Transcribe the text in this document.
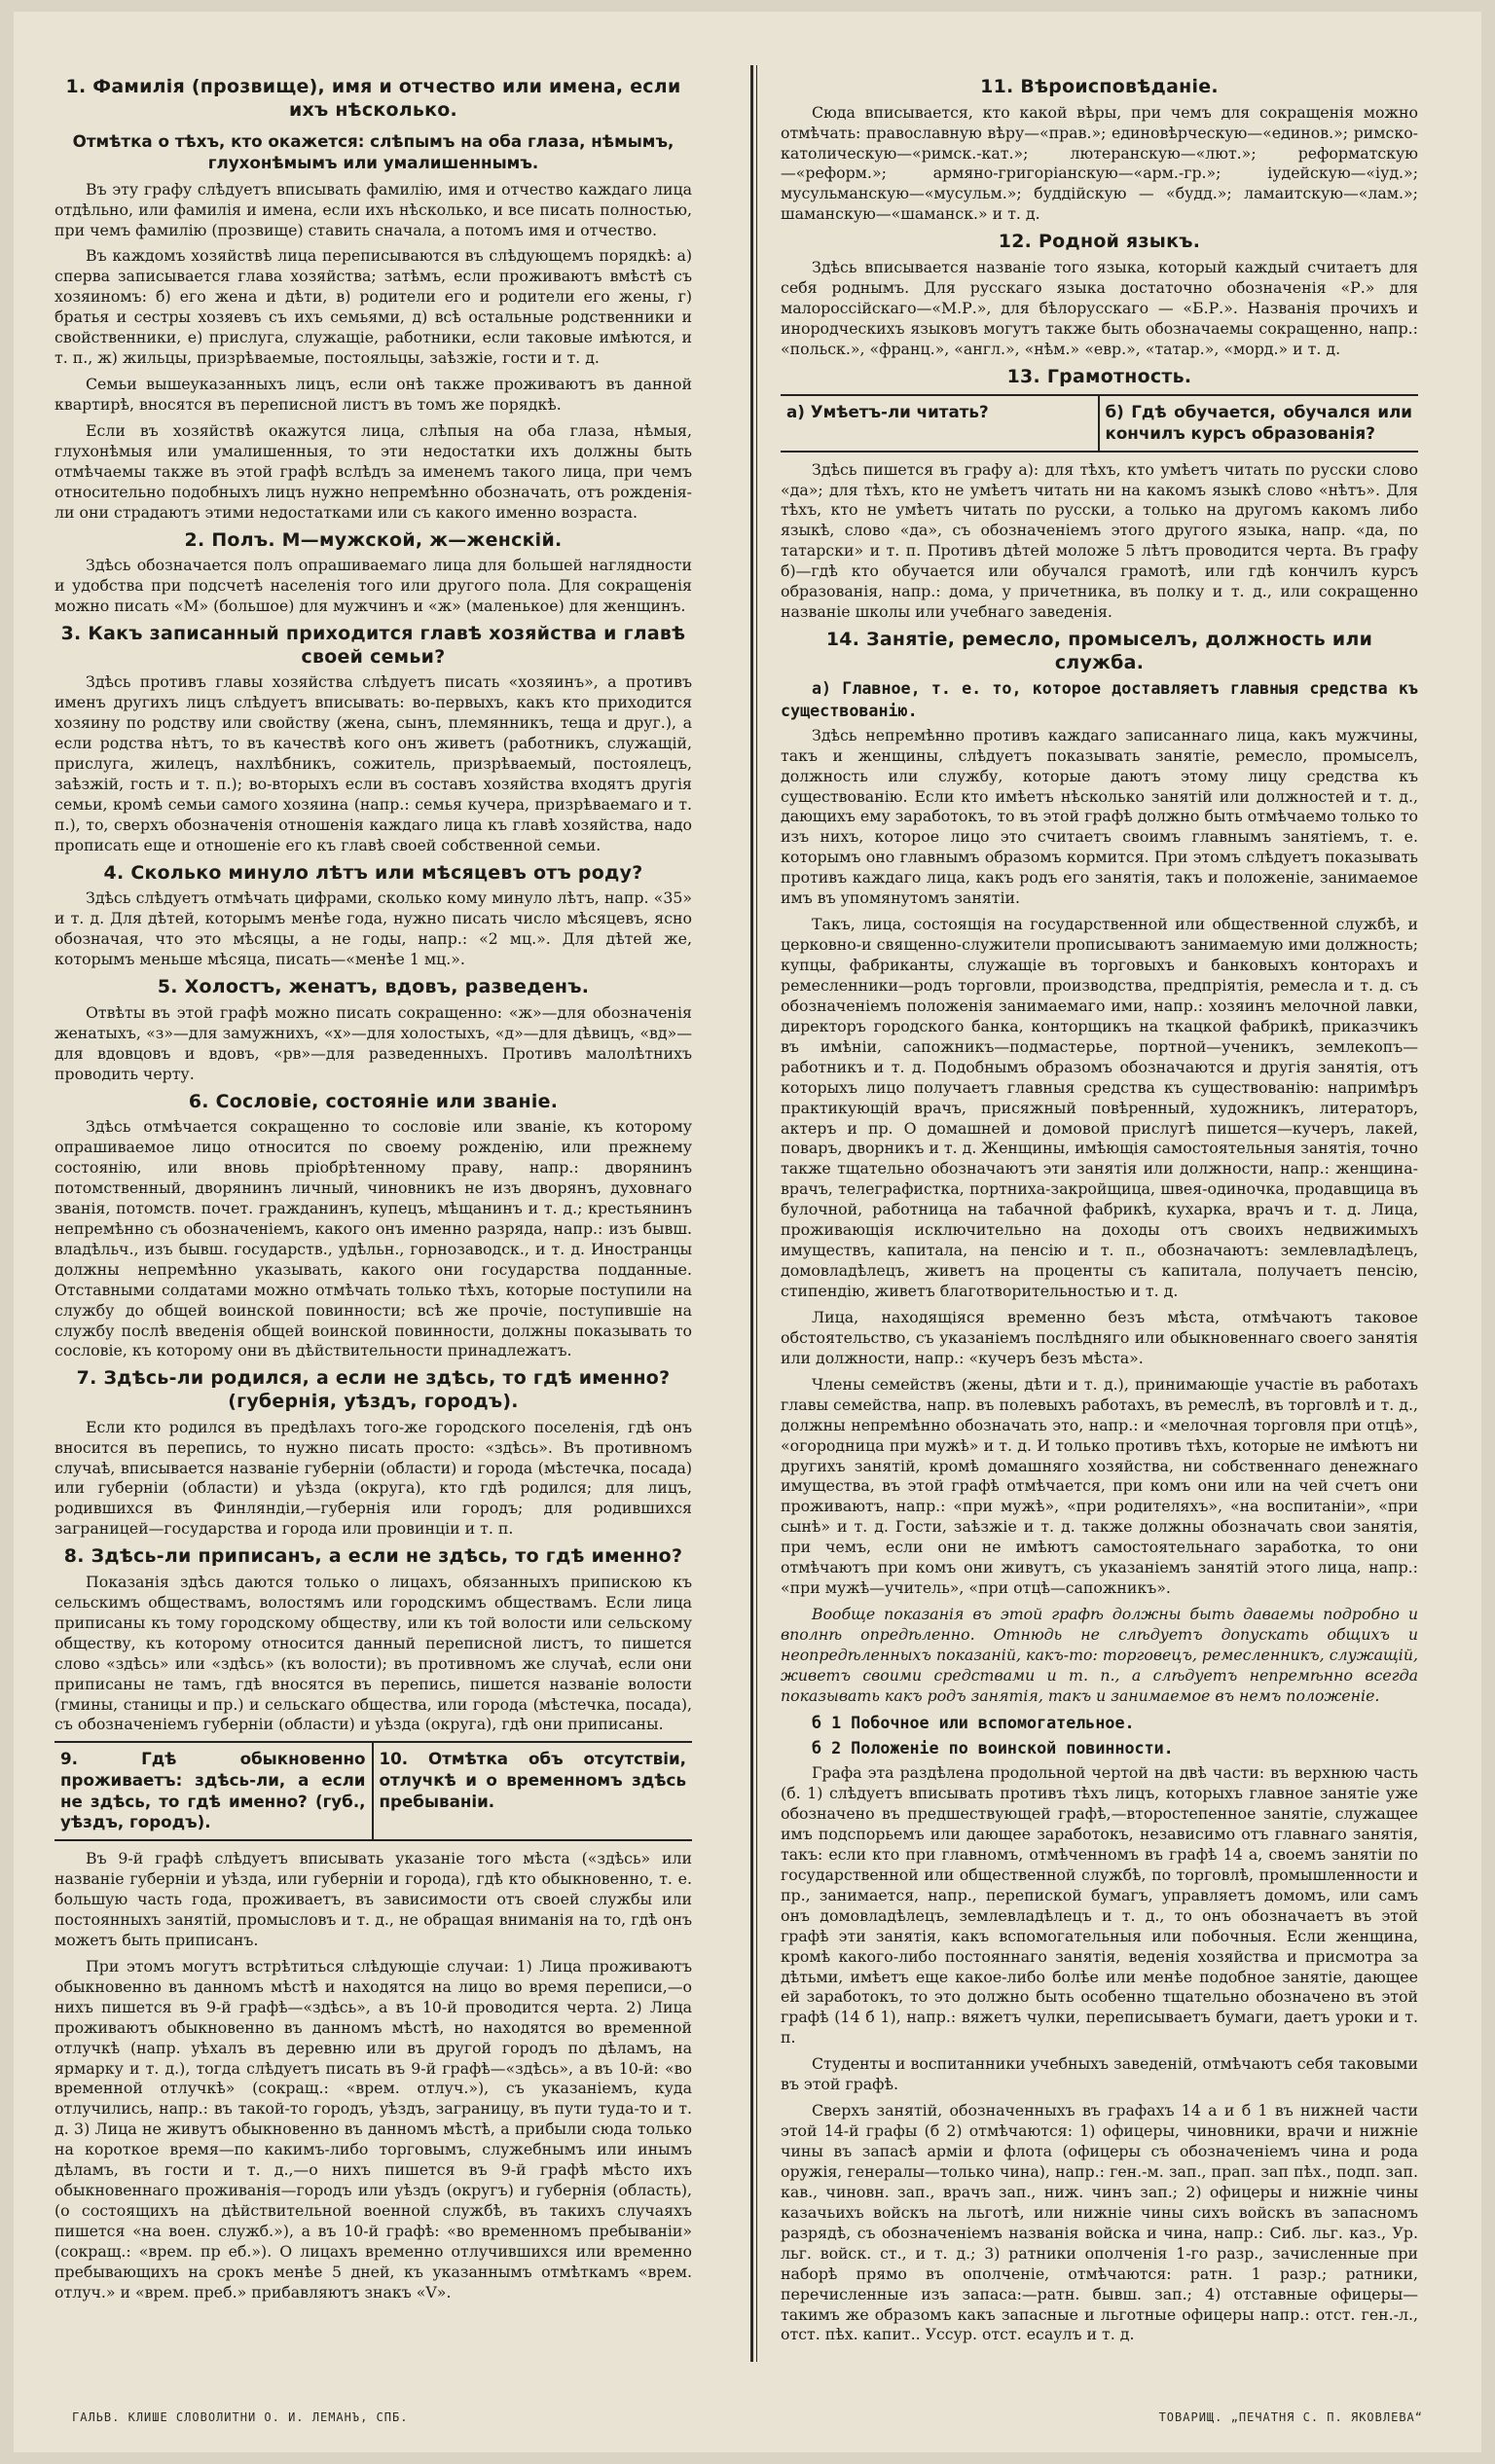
1. Фамилія (прозвище), имя и отчество или имена, если ихъ нѣсколько.
Отмѣтка о тѣхъ, кто окажется: слѣпымъ на оба глаза, нѣмымъ, глухонѣмымъ или умалишеннымъ.

Въ эту графу слѣдуетъ вписывать фамилію, имя и отчество каждаго лица отдѣльно, или фамилія и имена, если ихъ нѣсколько, и все писать полностью, при чемъ фамилію (прозвище) ставить сначала, а потомъ имя и отчество.

Въ каждомъ хозяйствѣ лица переписываются въ слѣдующемъ порядкѣ: а) сперва записывается глава хозяйства; затѣмъ, если проживаютъ вмѣстѣ съ хозяиномъ: б) его жена и дѣти, в) родители его и родители его жены, г) братья и сестры хозяевъ съ ихъ семьями, д) всѣ остальные родственники и свойственники, е) прислуга, служащіе, работники, если таковые имѣются, и т. п., ж) жильцы, призрѣваемые, постояльцы, заѣзжіе, гости и т. д.

Семьи вышеуказанныхъ лицъ, если онѣ также проживаютъ въ данной квартирѣ, вносятся въ переписной листъ въ томъ же порядкѣ.

Если въ хозяйствѣ окажутся лица, слѣпыя на оба глаза, нѣмыя, глухонѣмыя или умалишенныя, то эти недостатки ихъ должны быть отмѣчаемы также въ этой графѣ вслѣдъ за именемъ такого лица, при чемъ относительно подобныхъ лицъ нужно непремѣнно обозначать, отъ рожденія-ли они страдаютъ этими недостатками или съ какого именно возраста.

2. Полъ. М—мужской, ж—женскій.

Здѣсь обозначается полъ опрашиваемаго лица для большей наглядности и удобства при подсчетѣ населенія того или другого пола. Для сокращенія можно писать «М» (большое) для мужчинъ и «ж» (маленькое) для женщинъ.

3. Какъ записанный приходится главѣ хозяйства и главѣ своей семьи?

Здѣсь противъ главы хозяйства слѣдуетъ писать «хозяинъ», а противъ именъ другихъ лицъ слѣдуетъ вписывать: во-первыхъ, какъ кто приходится хозяину по родству или свойству (жена, сынъ, племянникъ, теща и друг.), а если родства нѣтъ, то въ качествѣ кого онъ живетъ (работникъ, служащій, прислуга, жилецъ, нахлѣбникъ, сожитель, призрѣваемый, постоялецъ, заѣзжій, гость и т. п.); во-вторыхъ если въ составъ хозяйства входятъ другія семьи, кромѣ семьи самого хозяина (напр.: семья кучера, призрѣваемаго и т. п.), то, сверхъ обозначенія отношенія каждаго лица къ главѣ хозяйства, надо прописать еще и отношеніе его къ главѣ своей собственной семьи.

4. Сколько минуло лѣтъ или мѣсяцевъ отъ роду?

Здѣсь слѣдуетъ отмѣчать цифрами, сколько кому минуло лѣтъ, напр. «35» и т. д. Для дѣтей, которымъ менѣе года, нужно писать число мѣсяцевъ, ясно обозначая, что это мѣсяцы, а не годы, напр.: «2 мц.». Для дѣтей же, которымъ меньше мѣсяца, писать—«менѣе 1 мц.».

5. Холостъ, женатъ, вдовъ, разведенъ.

Отвѣты въ этой графѣ можно писать сокращенно: «ж»—для обозначенія женатыхъ, «з»—для замужнихъ, «х»—для холостыхъ, «д»—для дѣвицъ, «вд»—для вдовцовъ и вдовъ, «рв»—для разведенныхъ. Противъ малолѣтнихъ проводить черту.

6. Сословіе, состояніе или званіе.

Здѣсь отмѣчается сокращенно то сословіе или званіе, къ которому опрашиваемое лицо относится по своему рожденію, или прежнему состоянію, или вновь пріобрѣтенному праву, напр.: дворянинъ потомственный, дворянинъ личный, чиновникъ не изъ дворянъ, духовнаго званія, потомств. почет. гражданинъ, купецъ, мѣщанинъ и т. д.; крестьянинъ непремѣнно съ обозначеніемъ, какого онъ именно разряда, напр.: изъ бывш. владѣльч., изъ бывш. государств., удѣльн., горнозаводск., и т. д. Иностранцы должны непремѣнно указывать, какого они государства подданные. Отставными солдатами можно отмѣчать только тѣхъ, которые поступили на службу до общей воинской повинности; всѣ же прочіе, поступившіе на службу послѣ введенія общей воинской повинности, должны показывать то сословіе, къ которому они въ дѣйствительности принадлежатъ.

7. Здѣсь-ли родился, а если не здѣсь, то гдѣ именно? (губернія, уѣздъ, городъ).

Если кто родился въ предѣлахъ того-же городского поселенія, гдѣ онъ вносится въ перепись, то нужно писать просто: «здѣсь». Въ противномъ случаѣ, вписывается названіе губерніи (области) и города (мѣстечка, посада) или губерніи (области) и уѣзда (округа), кто гдѣ родился; для лицъ, родившихся въ Финляндіи,—губернія или городъ; для родившихся заграницей—государства и города или провинціи и т. п.

8. Здѣсь-ли приписанъ, а если не здѣсь, то гдѣ именно?

Показанія здѣсь даются только о лицахъ, обязанныхъ припискою къ сельскимъ обществамъ, волостямъ или городскимъ обществамъ. Если лица приписаны къ тому городскому обществу, или къ той волости или сельскому обществу, къ которому относится данный переписной листъ, то пишется слово «здѣсь» или «здѣсь» (къ волости); въ противномъ же случаѣ, если они приписаны не тамъ, гдѣ вносятся въ перепись, пишется названіе волости (гмины, станицы и пр.) и сельскаго общества, или города (мѣстечка, посада), съ обозначеніемъ губерніи (области) и уѣзда (округа), гдѣ они приписаны.

9. Гдѣ обыкновенно проживаетъ: здѣсь-ли, а если не здѣсь, то гдѣ именно? (губ., уѣздъ, городъ).
10. Отмѣтка объ отсутствіи, отлучкѣ и о временномъ здѣсь пребываніи.

Въ 9-й графѣ слѣдуетъ вписывать указаніе того мѣста («здѣсь» или названіе губерніи и уѣзда, или губерніи и города), гдѣ кто обыкновенно, т. е. большую часть года, проживаетъ, въ зависимости отъ своей службы или постоянныхъ занятій, промысловъ и т. д., не обращая вниманія на то, гдѣ онъ можетъ быть приписанъ.

При этомъ могутъ встрѣтиться слѣдующіе случаи: 1) Лица проживаютъ обыкновенно въ данномъ мѣстѣ и находятся на лицо во время переписи,—о нихъ пишется въ 9-й графѣ—«здѣсь», а въ 10-й проводится черта. 2) Лица проживаютъ обыкновенно въ данномъ мѣстѣ, но находятся во временной отлучкѣ (напр. уѣхалъ въ деревню или въ другой городъ по дѣламъ, на ярмарку и т. д.), тогда слѣдуетъ писать въ 9-й графѣ—«здѣсь», а въ 10-й: «во временной отлучкѣ» (сокращ.: «врем. отлуч.»), съ указаніемъ, куда отлучились, напр.: въ такой-то городъ, уѣздъ, заграницу, въ пути туда-то и т. д. 3) Лица не живутъ обыкновенно въ данномъ мѣстѣ, а прибыли сюда только на короткое время—по какимъ-либо торговымъ, служебнымъ или инымъ дѣламъ, въ гости и т. д.,—о нихъ пишется въ 9-й графѣ мѣсто ихъ обыкновеннаго проживанія—городъ или уѣздъ (округъ) и губернія (область), (о состоящихъ на дѣйствительной военной службѣ, въ такихъ случаяхъ пишется «на воен. служб.»), а въ 10-й графѣ: «во временномъ пребываніи» (сокращ.: «врем. пр еб.»). О лицахъ временно отлучившихся или временно пребывающихъ на срокъ менѣе 5 дней, къ указаннымъ отмѣткамъ «врем. отлуч.» и «врем. преб.» прибавляютъ знакъ «V».

11. Вѣроисповѣданіе.

Сюда вписывается, кто какой вѣры, при чемъ для сокращенія можно отмѣчать: православную вѣру—«прав.»; единовѣрческую—«единов.»; римско-католическую—«римск.-кат.»; лютеранскую—«лют.»; реформатскую—«реформ.»; армяно-григоріанскую—«арм.-гр.»; іудейскую—«іуд.»; мусульманскую—«мусульм.»; буддійскую — «будд.»; ламаитскую—«лам.»; шаманскую—«шаманск.» и т. д.

12. Родной языкъ.

Здѣсь вписывается названіе того языка, который каждый считаетъ для себя роднымъ. Для русскаго языка достаточно обозначенія «Р.» для малороссійскаго—«М.Р.», для бѣлорусскаго — «Б.Р.». Названія прочихъ и инородческихъ языковъ могутъ также быть обозначаемы сокращенно, напр.: «польск.», «франц.», «англ.», «нѣм.» «евр.», «татар.», «морд.» и т. д.

13. Грамотность.
а) Умѣетъ-ли читать?	б) Гдѣ обучается, обучался или кончилъ курсъ образованія?

Здѣсь пишется въ графу а): для тѣхъ, кто умѣетъ читать по русски слово «да»; для тѣхъ, кто не умѣетъ читать ни на какомъ языкѣ слово «нѣтъ». Для тѣхъ, кто не умѣетъ читать по русски, а только на другомъ какомъ либо языкѣ, слово «да», съ обозначеніемъ этого другого языка, напр. «да, по татарски» и т. п. Противъ дѣтей моложе 5 лѣтъ проводится черта. Въ графу б)—гдѣ кто обучается или обучался грамотѣ, или гдѣ кончилъ курсъ образованія, напр.: дома, у причетника, въ полку и т. д., или сокращенно названіе школы или учебнаго заведенія.

14. Занятіе, ремесло, промыселъ, должность или служба.
а) Главное, т. е. то, которое доставляетъ главныя средства къ существованію.

Здѣсь непремѣнно противъ каждаго записаннаго лица, какъ мужчины, такъ и женщины, слѣдуетъ показывать занятіе, ремесло, промыселъ, должность или службу, которые даютъ этому лицу средства къ существованію. Если кто имѣетъ нѣсколько занятій или должностей и т. д., дающихъ ему заработокъ, то въ этой графѣ должно быть отмѣчаемо только то изъ нихъ, которое лицо это считаетъ своимъ главнымъ занятіемъ, т. е. которымъ оно главнымъ образомъ кормится. При этомъ слѣдуетъ показывать противъ каждаго лица, какъ родъ его занятія, такъ и положеніе, занимаемое имъ въ упомянутомъ занятіи.

Такъ, лица, состоящія на государственной или общественной службѣ, и церковно-и священно-служители прописываютъ занимаемую ими должность; купцы, фабриканты, служащіе въ торговыхъ и банковыхъ конторахъ и ремесленники—родъ торговли, производства, предпріятія, ремесла и т. д. съ обозначеніемъ положенія занимаемаго ими, напр.: хозяинъ мелочной лавки, директоръ городского банка, конторщикъ на ткацкой фабрикѣ, приказчикъ въ имѣніи, сапожникъ—подмастерье, портной—ученикъ, землекопъ—работникъ и т. д. Подобнымъ образомъ обозначаются и другія занятія, отъ которыхъ лицо получаетъ главныя средства къ существованію: напримѣръ практикующій врачъ, присяжный повѣренный, художникъ, литераторъ, актеръ и пр. О домашней и домовой прислугѣ пишется—кучеръ, лакей, поваръ, дворникъ и т. д. Женщины, имѣющія самостоятельныя занятія, точно также тщательно обозначаютъ эти занятія или должности, напр.: женщина-врачъ, телеграфистка, портниха-закройщица, швея-одиночка, продавщица въ булочной, работница на табачной фабрикѣ, кухарка, врачъ и т. д. Лица, проживающія исключительно на доходы отъ своихъ недвижимыхъ имуществъ, капитала, на пенсію и т. п., обозначаютъ: землевладѣлецъ, домовладѣлецъ, живетъ на проценты съ капитала, получаетъ пенсію, стипендію, живетъ благотворительностью и т. д.

Лица, находящіяся временно безъ мѣста, отмѣчаютъ таковое обстоятельство, съ указаніемъ послѣдняго или обыкновеннаго своего занятія или должности, напр.: «кучеръ безъ мѣста».

Члены семействъ (жены, дѣти и т. д.), принимающіе участіе въ работахъ главы семейства, напр. въ полевыхъ работахъ, въ ремеслѣ, въ торговлѣ и т. д., должны непремѣнно обозначать это, напр.: и «мелочная торговля при отцѣ», «огородница при мужѣ» и т. д. И только противъ тѣхъ, которые не имѣютъ ни другихъ занятій, кромѣ домашняго хозяйства, ни собственнаго денежнаго имущества, въ этой графѣ отмѣчается, при комъ они или на чей счетъ они проживаютъ, напр.: «при мужѣ», «при родителяхъ», «на воспитаніи», «при сынѣ» и т. д. Гости, заѣзжіе и т. д. также должны обозначать свои занятія, при чемъ, если они не имѣютъ самостоятельнаго заработка, то они отмѣчаютъ при комъ они живутъ, съ указаніемъ занятій этого лица, напр.: «при мужѣ—учитель», «при отцѣ—сапожникъ».

Вообще показанія въ этой графѣ должны быть даваемы подробно и вполнѣ опредѣленно. Отнюдь не слѣдуетъ допускать общихъ и неопредѣленныхъ показаній, какъ-то: торговецъ, ремесленникъ, служащій, живетъ своими средствами и т. п., а слѣдуетъ непремѣнно всегда показывать какъ родъ занятія, такъ и занимаемое въ немъ положеніе.

б 1 Побочное или вспомогательное.
б 2 Положеніе по воинской повинности.

Графа эта раздѣлена продольной чертой на двѣ части: въ верхнюю часть (б. 1) слѣдуетъ вписывать противъ тѣхъ лицъ, которыхъ главное занятіе уже обозначено въ предшествующей графѣ,—второстепенное занятіе, служащее имъ подспорьемъ или дающее заработокъ, независимо отъ главнаго занятія, такъ: если кто при главномъ, отмѣченномъ въ графѣ 14 а, своемъ занятіи по государственной или общественной службѣ, по торговлѣ, промышленности и пр., занимается, напр., перепиской бумагъ, управляетъ домомъ, или самъ онъ домовладѣлецъ, землевладѣлецъ и т. д., то онъ обозначаетъ въ этой графѣ эти занятія, какъ вспомогательныя или побочныя. Если женщина, кромѣ какого-либо постояннаго занятія, веденія хозяйства и присмотра за дѣтьми, имѣетъ еще какое-либо болѣе или менѣе подобное занятіе, дающее ей заработокъ, то это должно быть особенно тщательно обозначено въ этой графѣ (14 б 1), напр.: вяжетъ чулки, переписываетъ бумаги, даетъ уроки и т. п.

Студенты и воспитанники учебныхъ заведеній, отмѣчаютъ себя таковыми въ этой графѣ.

Сверхъ занятій, обозначенныхъ въ графахъ 14 а и б 1 въ нижней части этой 14-й графы (б 2) отмѣчаются: 1) офицеры, чиновники, врачи и нижніе чины въ запасѣ арміи и флота (офицеры съ обозначеніемъ чина и рода оружія, генералы—только чина), напр.: ген.-м. зап., прап. зап пѣх., подп. зап. кав., чиновн. зап., врачъ зап., ниж. чинъ зап.; 2) офицеры и нижніе чины казачьихъ войскъ на льготѣ, или нижніе чины сихъ войскъ въ запасномъ разрядѣ, съ обозначеніемъ названія войска и чина, напр.: Сиб. льг. каз., Ур. льг. войск. ст., и т. д.; 3) ратники ополченія 1-го разр., зачисленные при наборѣ прямо въ ополченіе, отмѣчаются: ратн. 1 разр.; ратники, перечисленные изъ запаса:—ратн. бывш. зап.; 4) отставные офицеры—такимъ же образомъ какъ запасные и льготные офицеры напр.: отст. ген.-л., отст. пѣх. капит.. Уссур. отст. есаулъ и т. д.

ГАЛЬВ. КЛИШЕ СЛОВОЛИТНИ О. И. ЛЕМАНЪ, СПБ.	ТОВАРИЩ. „ПЕЧАТНЯ С. П. ЯКОВЛЕВА“
